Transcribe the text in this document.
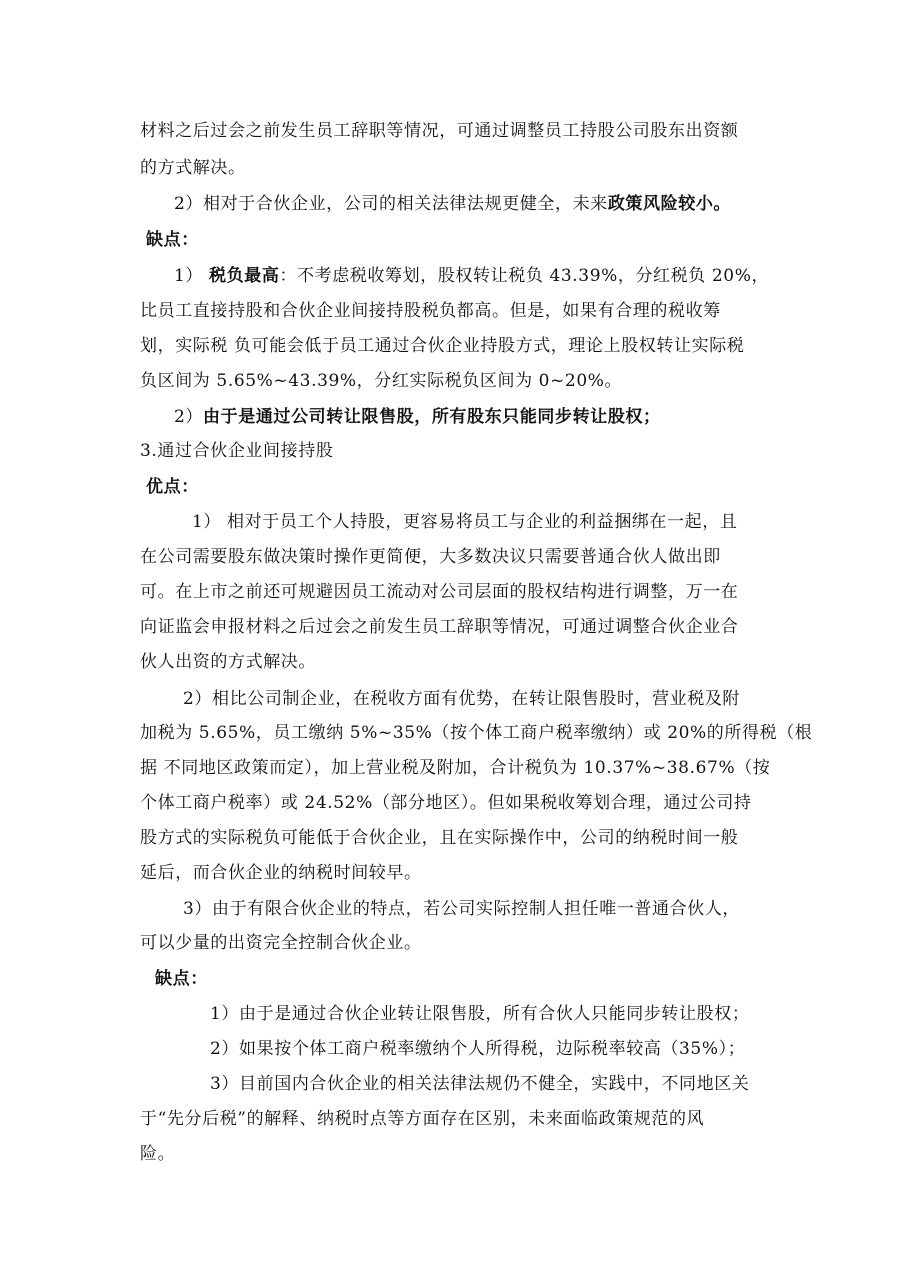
材料之后过会之前发生员工辞职等情况，可通过调整员工持股公司股东出资额
的方式解决。
2）相对于合伙企业，公司的相关法律法规更健全，未来政策风险较小。
缺点：
1） 税负最高：不考虑税收筹划，股权转让税负 43.39%，分红税负 20%，
比员工直接持股和合伙企业间接持股税负都高。但是，如果有合理的税收筹
划，实际税 负可能会低于员工通过合伙企业持股方式，理论上股权转让实际税
负区间为 5.65%~43.39%，分红实际税负区间为 0~20%。
2）由于是通过公司转让限售股，所有股东只能同步转让股权；
3.通过合伙企业间接持股
优点：
1） 相对于员工个人持股，更容易将员工与企业的利益捆绑在一起，且
在公司需要股东做决策时操作更简便，大多数决议只需要普通合伙人做出即
可。在上市之前还可规避因员工流动对公司层面的股权结构进行调整，万一在
向证监会申报材料之后过会之前发生员工辞职等情况，可通过调整合伙企业合
伙人出资的方式解决。
2）相比公司制企业，在税收方面有优势，在转让限售股时，营业税及附
加税为 5.65%，员工缴纳 5%~35%（按个体工商户税率缴纳）或 20%的所得税（根
据 不同地区政策而定），加上营业税及附加，合计税负为 10.37%~38.67%（按
个体工商户税率）或 24.52%（部分地区）。但如果税收筹划合理，通过公司持
股方式的实际税负可能低于合伙企业，且在实际操作中，公司的纳税时间一般
延后，而合伙企业的纳税时间较早。
3）由于有限合伙企业的特点，若公司实际控制人担任唯一普通合伙人，
可以少量的出资完全控制合伙企业。
缺点：
1）由于是通过合伙企业转让限售股，所有合伙人只能同步转让股权；
2）如果按个体工商户税率缴纳个人所得税，边际税率较高（35%）；
3）目前国内合伙企业的相关法律法规仍不健全，实践中，不同地区关
于“先分后税”的解释、纳税时点等方面存在区别，未来面临政策规范的风
险。
